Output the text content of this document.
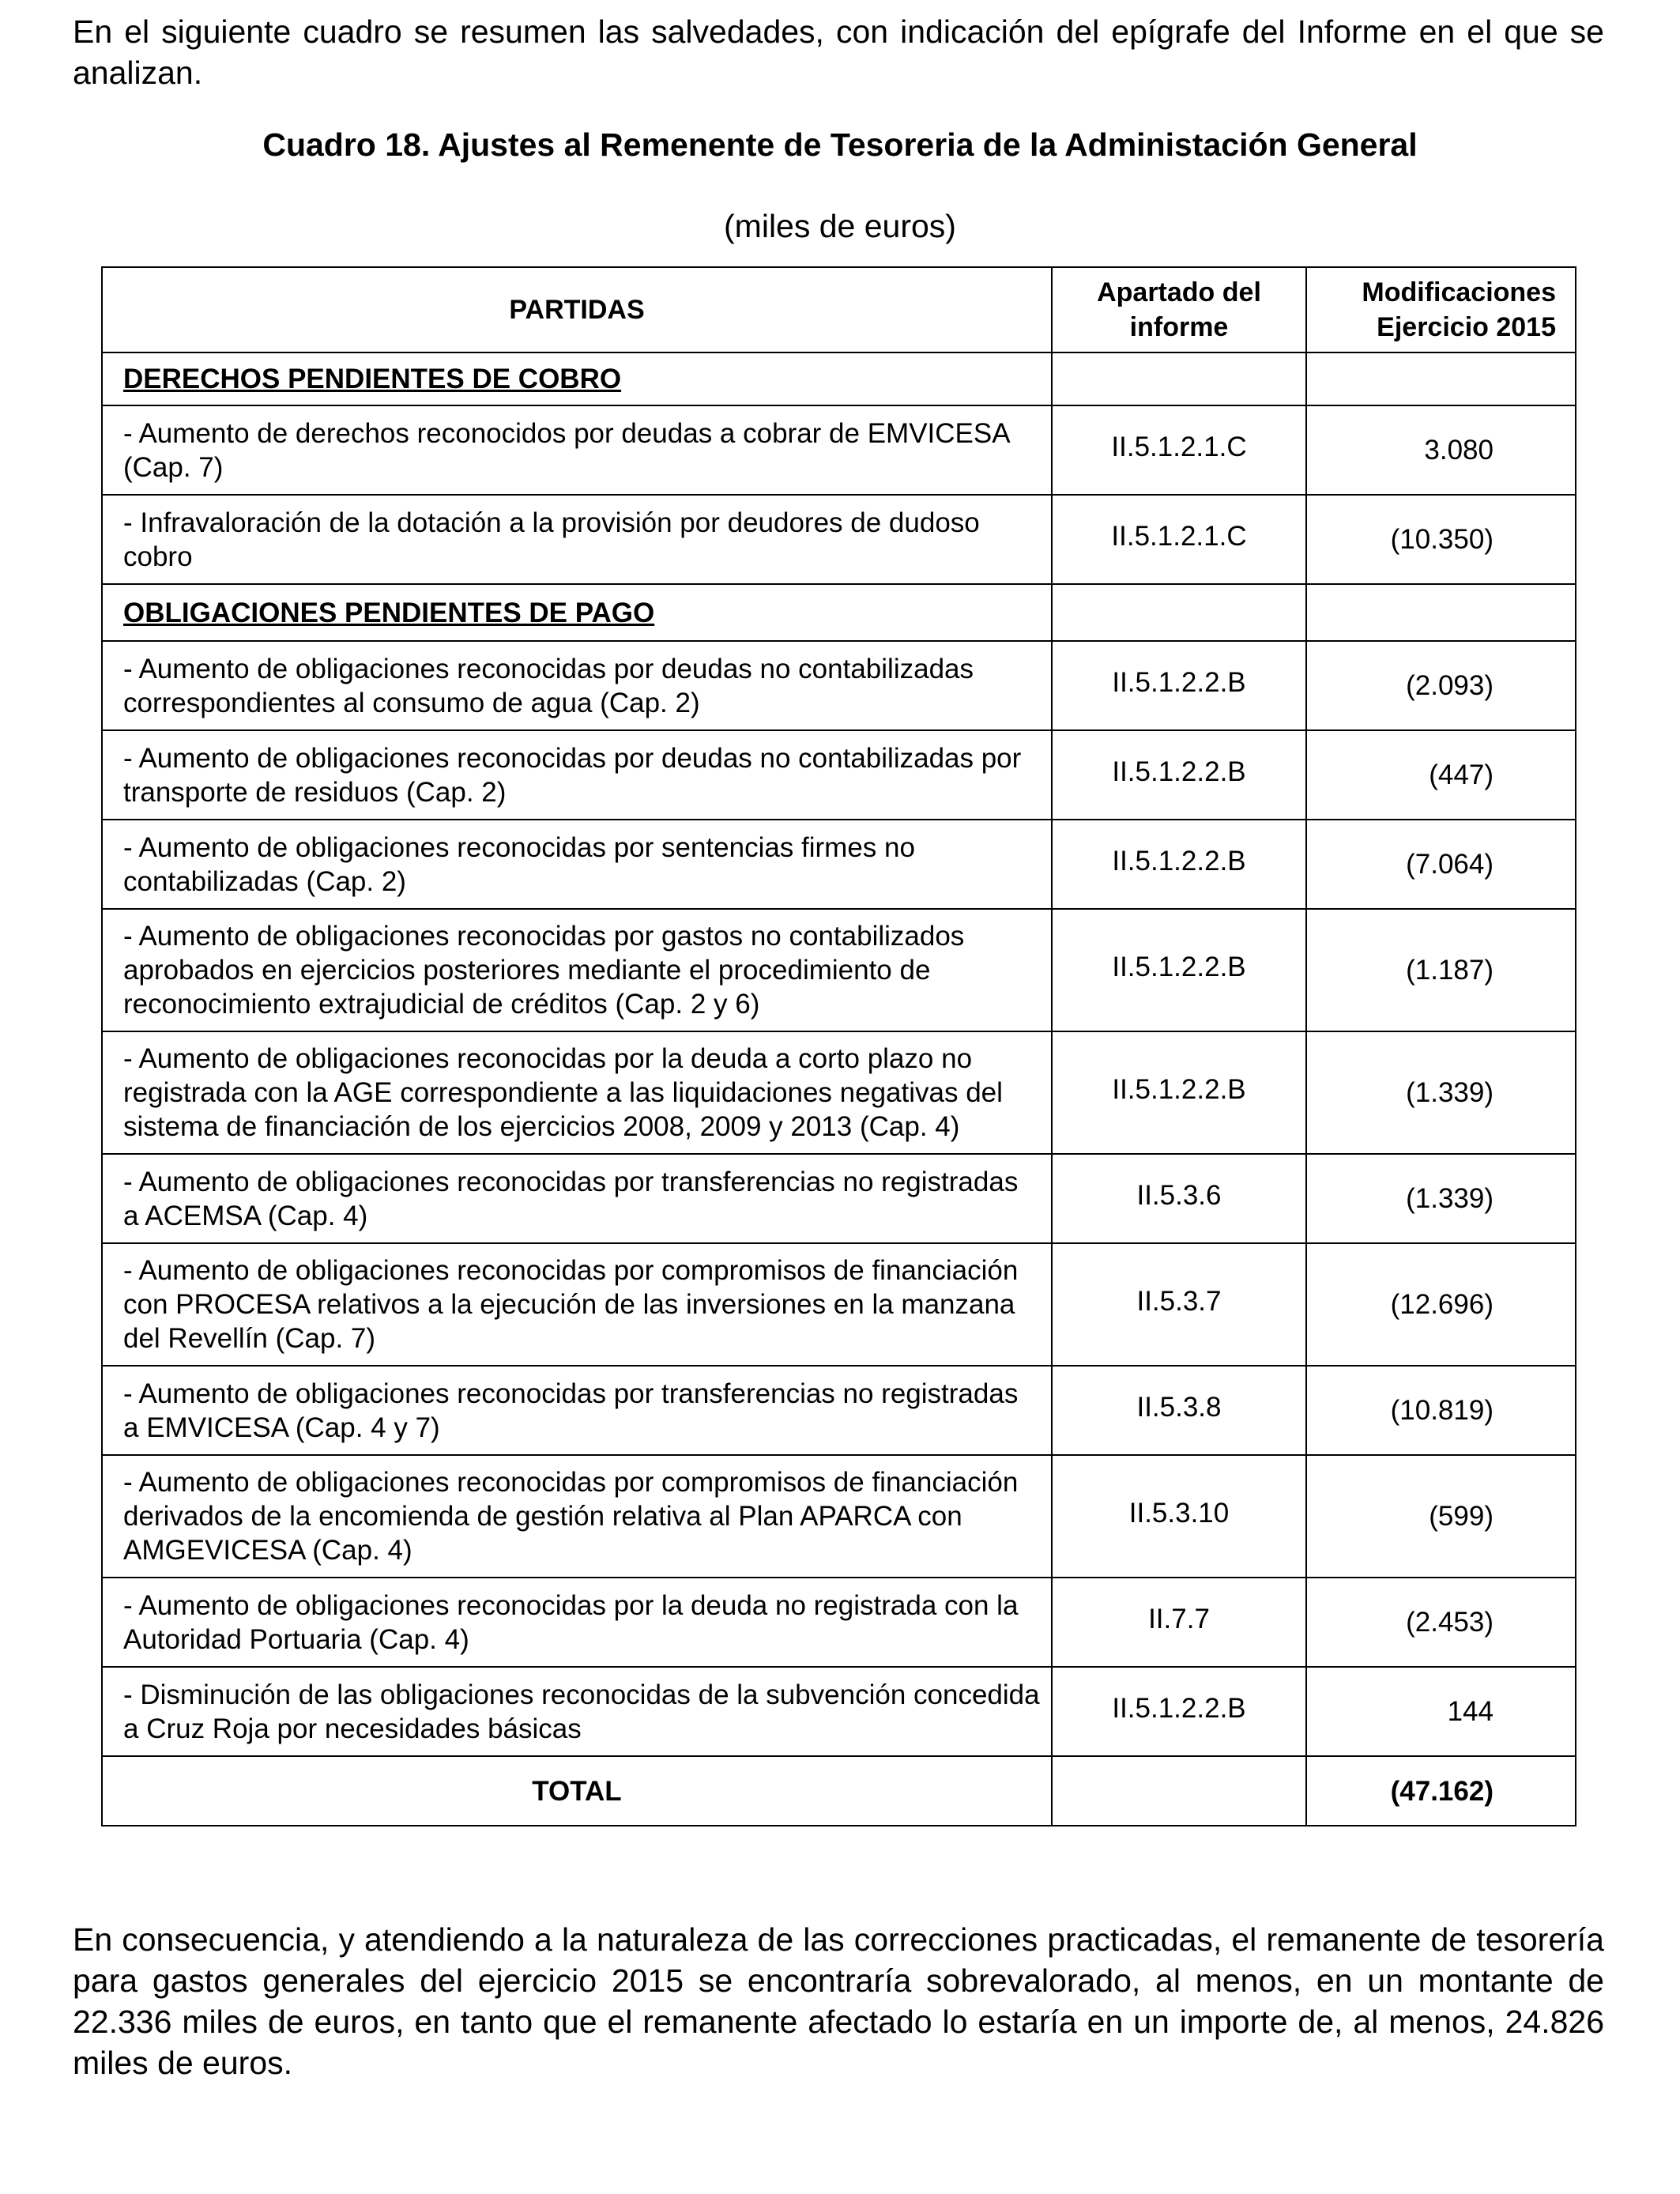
En el siguiente cuadro se resumen las salvedades, con indicación del epígrafe del Informe en el que se analizan.

Cuadro 18. Ajustes al Remenente de Tesoreria de la Administación General

(miles de euros)

PARTIDAS	Apartado del informe	Modificaciones Ejercicio 2015
DERECHOS PENDIENTES DE COBRO		
- Aumento de derechos reconocidos por deudas a cobrar de EMVICESA (Cap. 7)	II.5.1.2.1.C	3.080
- Infravaloración de la dotación a la provisión por deudores de dudoso cobro	II.5.1.2.1.C	(10.350)
OBLIGACIONES PENDIENTES DE PAGO		
- Aumento de obligaciones reconocidas por deudas no contabilizadas correspondientes al consumo de agua (Cap. 2)	II.5.1.2.2.B	(2.093)
- Aumento de obligaciones reconocidas por deudas no contabilizadas por transporte de residuos (Cap. 2)	II.5.1.2.2.B	(447)
- Aumento de obligaciones reconocidas por sentencias firmes no contabilizadas (Cap. 2)	II.5.1.2.2.B	(7.064)
- Aumento de obligaciones reconocidas por gastos no contabilizados aprobados en ejercicios posteriores mediante el procedimiento de reconocimiento extrajudicial de créditos (Cap. 2 y 6)	II.5.1.2.2.B	(1.187)
- Aumento de obligaciones reconocidas por la deuda a corto plazo no registrada con la AGE correspondiente a las liquidaciones negativas del sistema de financiación de los ejercicios 2008, 2009 y 2013 (Cap. 4)	II.5.1.2.2.B	(1.339)
- Aumento de obligaciones reconocidas por transferencias no registradas a ACEMSA (Cap. 4)	II.5.3.6	(1.339)
- Aumento de obligaciones reconocidas por compromisos de financiación con PROCESA relativos a la ejecución de las inversiones en la manzana del Revellín (Cap. 7)	II.5.3.7	(12.696)
- Aumento de obligaciones reconocidas por transferencias no registradas a EMVICESA (Cap. 4 y 7)	II.5.3.8	(10.819)
- Aumento de obligaciones reconocidas por compromisos de financiación derivados de la encomienda de gestión relativa al Plan APARCA con AMGEVICESA (Cap. 4)	II.5.3.10	(599)
- Aumento de obligaciones reconocidas por la deuda no registrada con la Autoridad Portuaria (Cap. 4)	II.7.7	(2.453)
- Disminución de las obligaciones reconocidas de la subvención concedida a Cruz Roja por necesidades básicas	II.5.1.2.2.B	144
TOTAL		(47.162)

En consecuencia, y atendiendo a la naturaleza de las correcciones practicadas, el remanente de tesorería para gastos generales del ejercicio 2015 se encontraría sobrevalorado, al menos, en un montante de 22.336 miles de euros, en tanto que el remanente afectado lo estaría en un importe de, al menos, 24.826 miles de euros.
